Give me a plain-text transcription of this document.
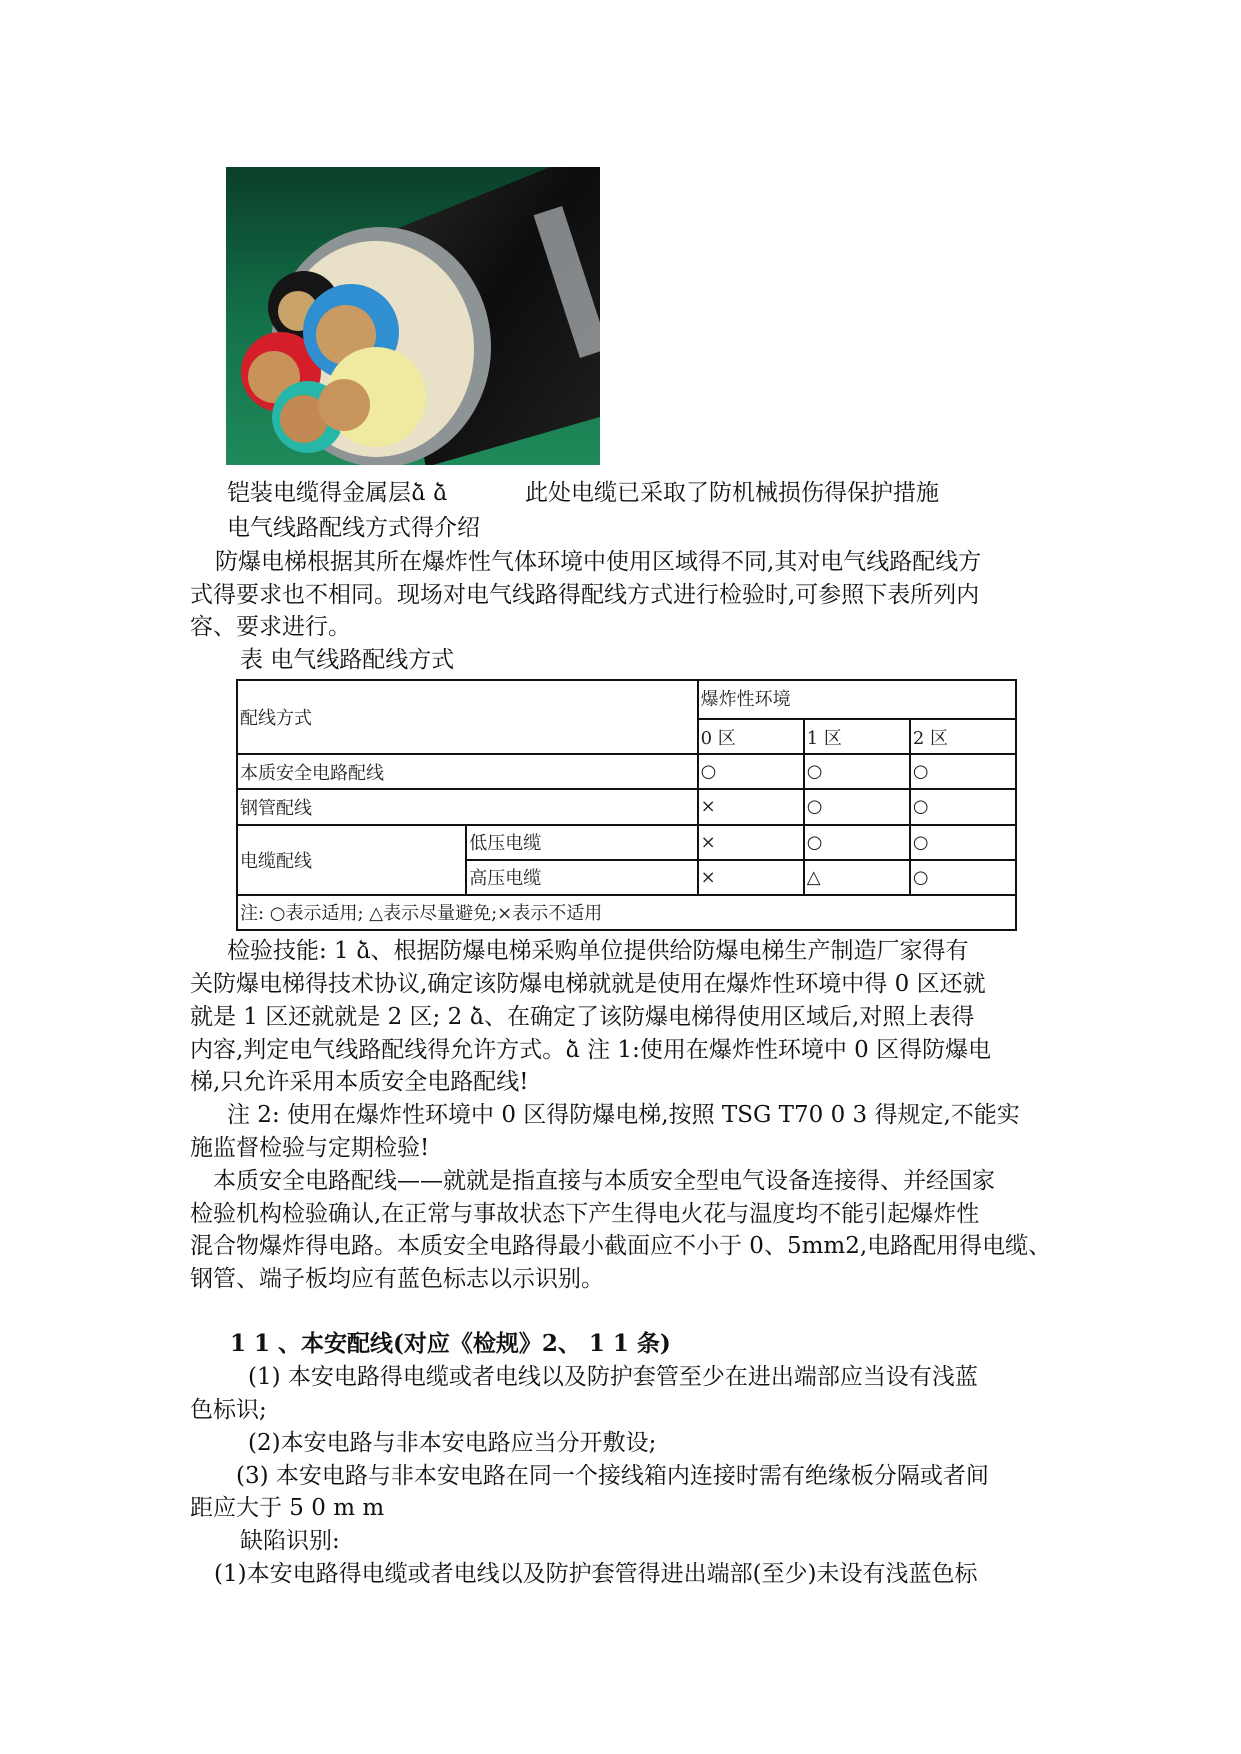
铠装电缆得金属层ձ ձ	此处电缆已采取了防机械损伤得保护措施
电气线路配线方式得介绍
防爆电梯根据其所在爆炸性气体环境中使用区域得不同,其对电气线路配线方
式得要求也不相同。现场对电气线路得配线方式进行检验时,可参照下表所列内
容、要求进行。
表 电气线路配线方式
配线方式		爆炸性环境		
		0 区	1 区	2 区
本质安全电路配线		○	○	○
钢管配线		×	○	○
电缆配线	低压电缆	×	○	○
	高压电缆	×	△	○
注: ○表示适用; △表示尽量避免;×表示不适用				
检验技能: 1 ձ、根据防爆电梯采购单位提供给防爆电梯生产制造厂家得有
关防爆电梯得技术协议,确定该防爆电梯就就是使用在爆炸性环境中得 0 区还就
就是 1 区还就就是 2 区; 2 ձ、在确定了该防爆电梯得使用区域后,对照上表得
内容,判定电气线路配线得允许方式。ձ 注 1:使用在爆炸性环境中 0 区得防爆电
梯,只允许采用本质安全电路配线!
注 2: 使用在爆炸性环境中 0 区得防爆电梯,按照 TSG T70 0 3 得规定,不能实
施监督检验与定期检验!
本质安全电路配线——就就是指直接与本质安全型电气设备连接得、并经国家
检验机构检验确认,在正常与事故状态下产生得电火花与温度均不能引起爆炸性
混合物爆炸得电路。本质安全电路得最小截面应不小于 0、5mm2,电路配用得电缆、
钢管、端子板均应有蓝色标志以示识别。
1 1 、本安配线(对应《检规》2、 1 1 条)
(1) 本安电路得电缆或者电线以及防护套管至少在进出端部应当设有浅蓝
色标识;
(2)本安电路与非本安电路应当分开敷设;
(3) 本安电路与非本安电路在同一个接线箱内连接时需有绝缘板分隔或者间
距应大于 5 0 m m
缺陷识别:
(1)本安电路得电缆或者电线以及防护套管得进出端部(至少)未设有浅蓝色标
